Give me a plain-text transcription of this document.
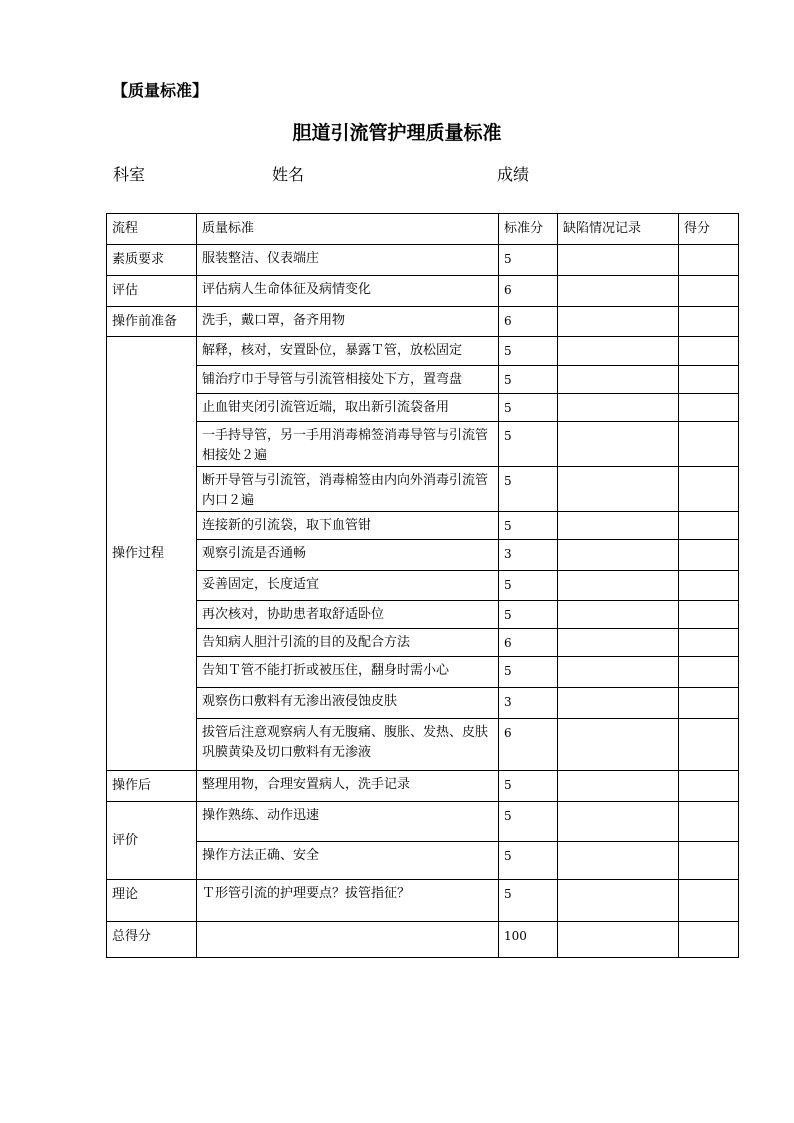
【质量标准】
胆道引流管护理质量标准
科室	姓名	成绩
流程	质量标准	标准分	缺陷情况记录	得分
素质要求	服装整洁、仪表端庄	5		
评估	评估病人生命体征及病情变化	6		
操作前准备	洗手，戴口罩，备齐用物	6		
操作过程	解释，核对，安置卧位，暴露Ｔ管，放松固定	5		
	铺治疗巾于导管与引流管相接处下方，置弯盘	5		
	止血钳夹闭引流管近端，取出新引流袋备用	5		
	一手持导管，另一手用消毒棉签消毒导管与引流管相接处２遍	5		
	断开导管与引流管，消毒棉签由内向外消毒引流管内口２遍	5		
	连接新的引流袋，取下血管钳	5		
	观察引流是否通畅	3		
	妥善固定，长度适宜	5		
	再次核对，协助患者取舒适卧位	5		
	告知病人胆汁引流的目的及配合方法	6		
	告知Ｔ管不能打折或被压住，翻身时需小心	5		
	观察伤口敷料有无渗出液侵蚀皮肤	3		
	拔管后注意观察病人有无腹痛、腹胀、发热、皮肤巩膜黄染及切口敷料有无渗液	6		
操作后	整理用物，合理安置病人，洗手记录	5		
评价	操作熟练、动作迅速	5		
	操作方法正确、安全	5		
理论	Ｔ形管引流的护理要点？拔管指征？	5		
总得分		100		
